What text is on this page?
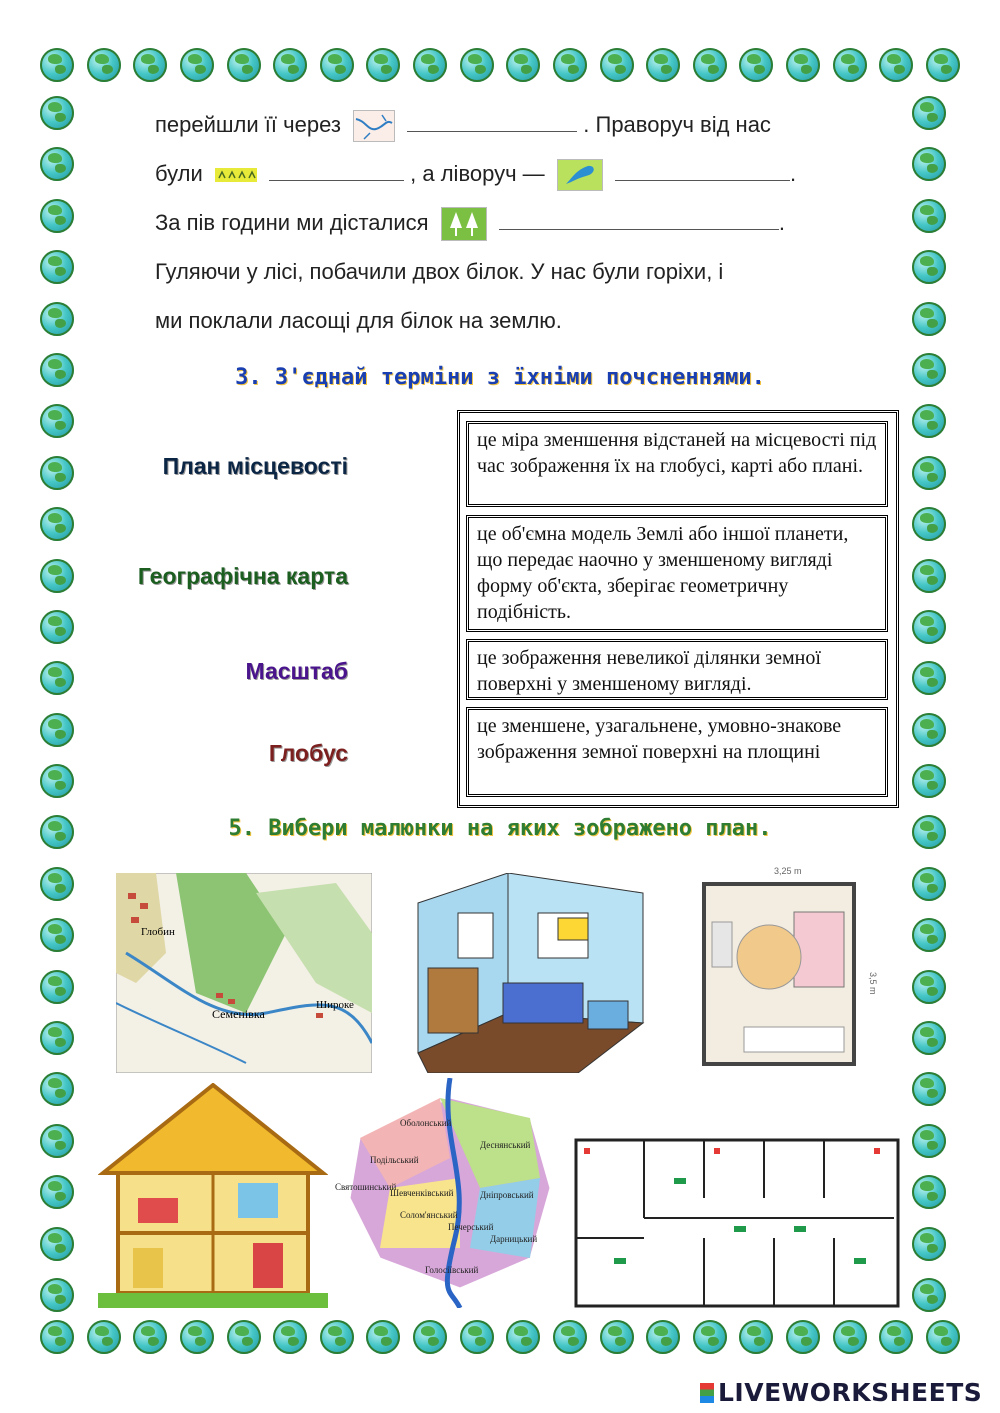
перейшли її через	. Праворуч від нас

були	, а ліворуч —	.

За пів години ми дісталися	.

Гуляючи у лісі, побачили двох білок. У нас були горіхи, і

ми поклали ласощі для білок на землю.

3. З'єднай терміни з їхніми почсненнями.
План місцевості
Географічна карта
Масштаб
Глобус
це міра зменшення відстаней на місцевості під час зображення їх на глобусі, карті або плані.
це об'ємна модель Землі або іншої планети, що передає наочно у зменшеному вигляді форму об'єкта, зберігає геометричну подібність.
це зображення невеликої ділянки земної поверхні у зменшеному вигляді.
це зменшене, узагальнене, умовно-знакове зображення земної поверхні на площині
5. Вибери малюнки на яких зображено план.
Глобин
Семенівка
Широке
3,25 m
3,5 m
Оболонський
Подільський
Деснянський
Святошинський
Шевченківський	Дніпровський
Солом'янський
Печерський
Дарницький
Голосіївський
LIVEWORKSHEETS
